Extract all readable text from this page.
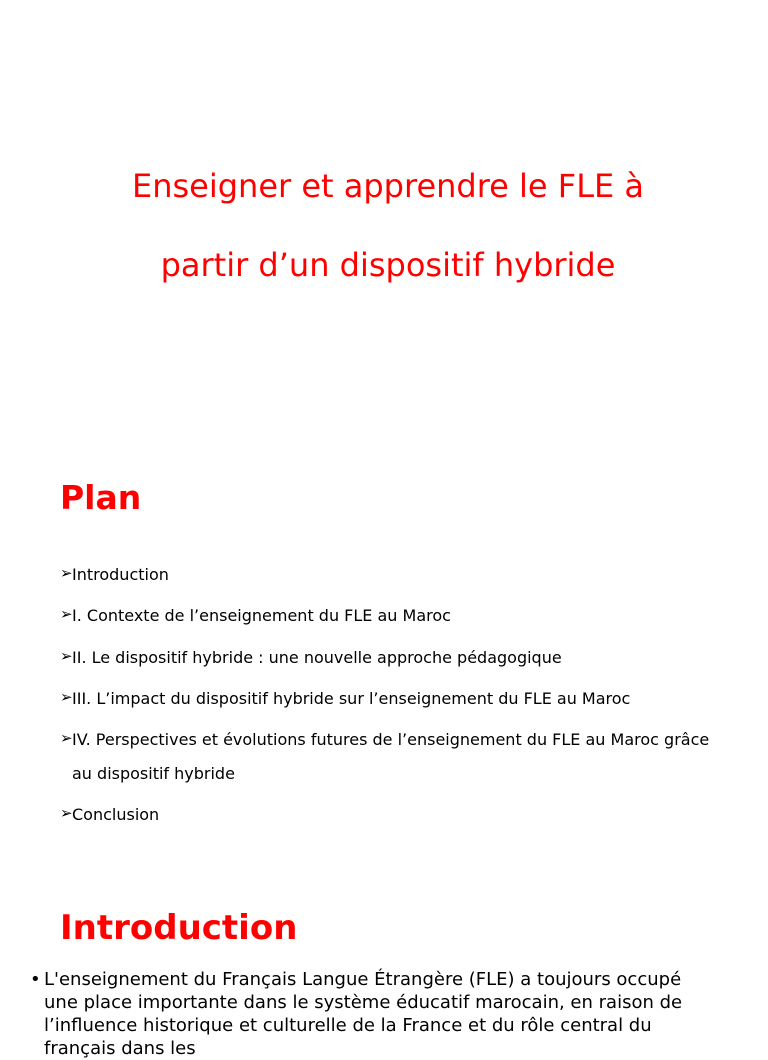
Enseigner et apprendre le FLE à
partir d’un dispositif hybride
Plan
➢ Introduction
➢ I. Contexte de l’enseignement du FLE au Maroc
➢ II. Le dispositif hybride : une nouvelle approche pédagogique
➢ III. L’impact du dispositif hybride sur l’enseignement du FLE au Maroc
➢ IV. Perspectives et évolutions futures de l’enseignement du FLE au Maroc grâce au dispositif hybride
➢ Conclusion
Introduction
• L'enseignement du Français Langue Étrangère (FLE) a toujours occupé une place importante dans le système éducatif marocain, en raison de l’influence historique et culturelle de la France et du rôle central du français dans les
